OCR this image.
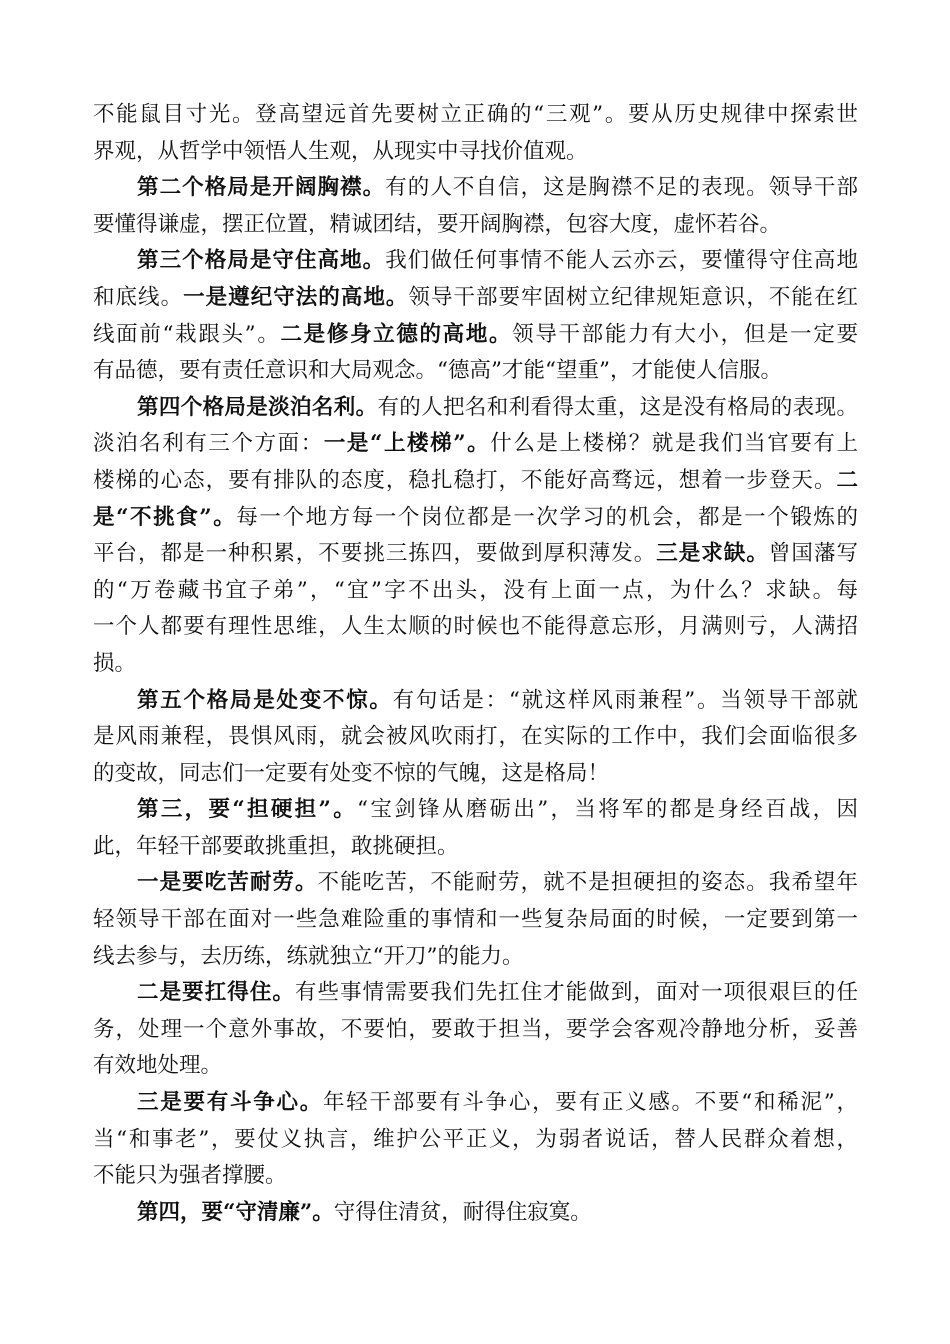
不能鼠目寸光。登高望远首先要树立正确的“三观”。要从历史规律中探索世
界观，从哲学中领悟人生观，从现实中寻找价值观。
第二个格局是开阔胸襟。有的人不自信，这是胸襟不足的表现。领导干部
要懂得谦虚，摆正位置，精诚团结，要开阔胸襟，包容大度，虚怀若谷。
第三个格局是守住高地。我们做任何事情不能人云亦云，要懂得守住高地
和底线。一是遵纪守法的高地。领导干部要牢固树立纪律规矩意识，不能在红
线面前“栽跟头”。二是修身立德的高地。领导干部能力有大小，但是一定要
有品德，要有责任意识和大局观念。“德高”才能“望重”，才能使人信服。
第四个格局是淡泊名利。有的人把名和利看得太重，这是没有格局的表现。
淡泊名利有三个方面：一是“上楼梯”。什么是上楼梯？就是我们当官要有上
楼梯的心态，要有排队的态度，稳扎稳打，不能好高骛远，想着一步登天。二
是“不挑食”。每一个地方每一个岗位都是一次学习的机会，都是一个锻炼的
平台，都是一种积累，不要挑三拣四，要做到厚积薄发。三是求缺。曾国藩写
的“万卷藏书宜子弟”，“宜”字不出头，没有上面一点，为什么？求缺。每
一个人都要有理性思维，人生太顺的时候也不能得意忘形，月满则亏，人满招
损。
第五个格局是处变不惊。有句话是：“就这样风雨兼程”。当领导干部就
是风雨兼程，畏惧风雨，就会被风吹雨打，在实际的工作中，我们会面临很多
的变故，同志们一定要有处变不惊的气魄，这是格局！
第三，要“担硬担”。“宝剑锋从磨砺出”，当将军的都是身经百战，因
此，年轻干部要敢挑重担，敢挑硬担。
一是要吃苦耐劳。不能吃苦，不能耐劳，就不是担硬担的姿态。我希望年
轻领导干部在面对一些急难险重的事情和一些复杂局面的时候，一定要到第一
线去参与，去历练，练就独立“开刀”的能力。
二是要扛得住。有些事情需要我们先扛住才能做到，面对一项很艰巨的任
务，处理一个意外事故，不要怕，要敢于担当，要学会客观冷静地分析，妥善
有效地处理。
三是要有斗争心。年轻干部要有斗争心，要有正义感。不要“和稀泥”，
当“和事老”，要仗义执言，维护公平正义，为弱者说话，替人民群众着想，
不能只为强者撑腰。
第四，要“守清廉”。守得住清贫，耐得住寂寞。
